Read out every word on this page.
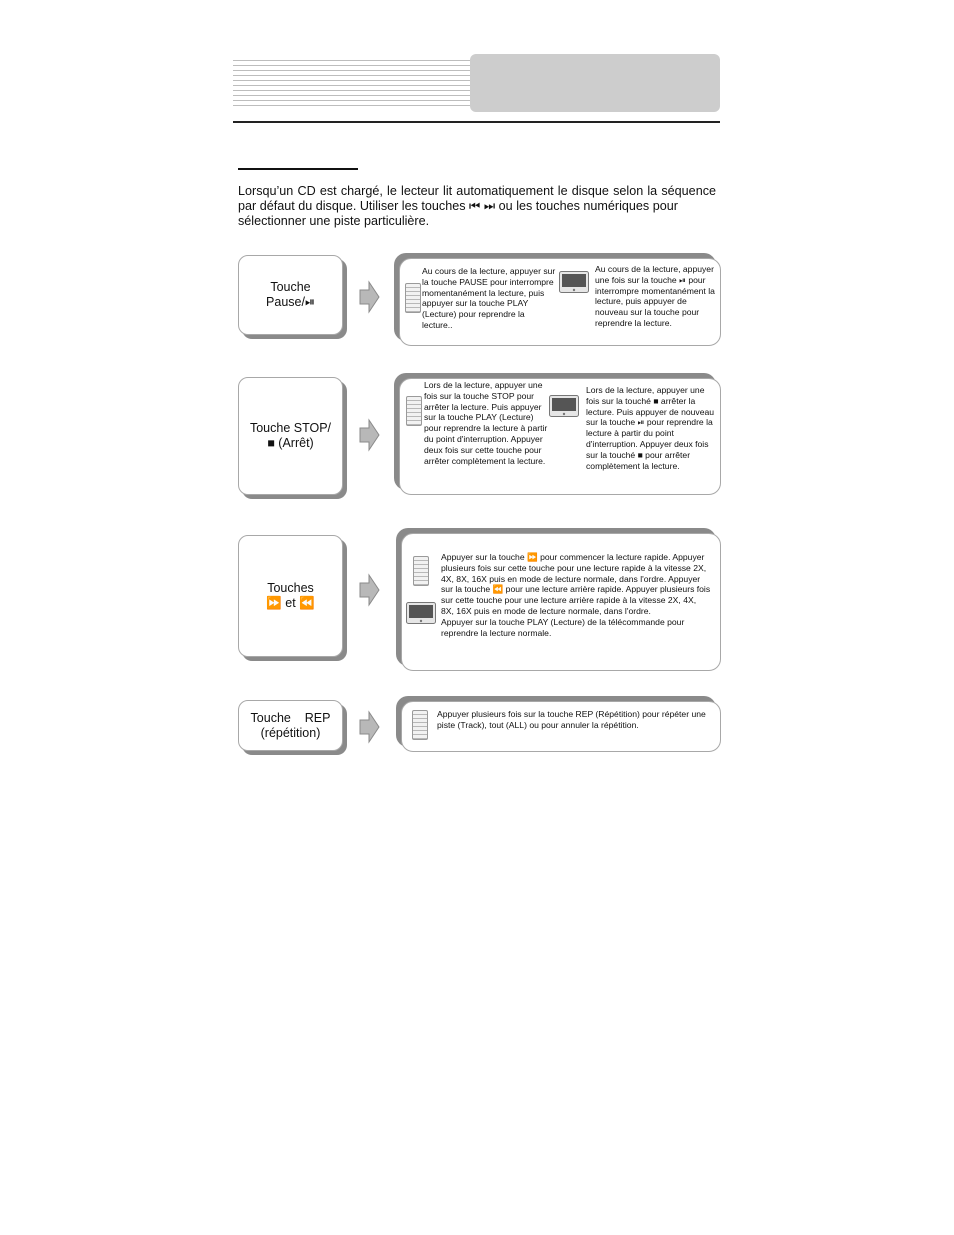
Lorsqu’un CD est chargé, le lecteur lit automatiquement le disque selon la séquence par défaut du disque. Utiliser les touches ⏮ ⏭ ou les touches numériques pour
sélectionner une piste particulière.
Touche
Pause/⏯
Au cours de la lecture, appuyer sur la touche PAUSE pour interrompre momentanément la lecture, puis appuyer sur la touche PLAY (Lecture) pour reprendre la lecture..
Au cours de la lecture, appuyer une fois sur la touche ⏯ pour interrompre momentanément la lecture, puis appuyer de nouveau sur la touche pour reprendre la lecture.
Touche STOP/
■ (Arrêt)
Lors de la lecture, appuyer une fois sur la touche STOP pour arrêter la lecture. Puis appuyer sur la touche PLAY (Lecture) pour reprendre la lecture à partir du point d'interruption. Appuyer deux fois sur cette touche pour arrêter complètement la lecture.
Lors de la lecture, appuyer une fois sur la touché ■ arrêter la lecture. Puis appuyer de nouveau sur la touche ⏯ pour reprendre la lecture à partir du point d'interruption. Appuyer deux fois sur la touché ■ pour arrêter complètement la lecture.
Touches
⏩ et ⏪
Appuyer sur la touche ⏩ pour commencer la lecture rapide. Appuyer plusieurs fois sur cette touche pour une lecture rapide à la vitesse 2X, 4X, 8X, 16X puis en mode de lecture normale, dans l'ordre. Appuyer sur la touche ⏪ pour une lecture arrière rapide. Appuyer plusieurs fois sur cette touche pour une lecture arrière rapide à la vitesse 2X, 4X, 8X, 16X puis en mode de lecture normale, dans l'ordre.
Appuyer sur la touche PLAY (Lecture) de la télécommande pour reprendre la lecture normale.
Touche    REP
(répétition)
Appuyer plusieurs fois sur la touche REP (Répétition) pour répéter une piste (Track), tout (ALL) ou pour annuler la répétition.
